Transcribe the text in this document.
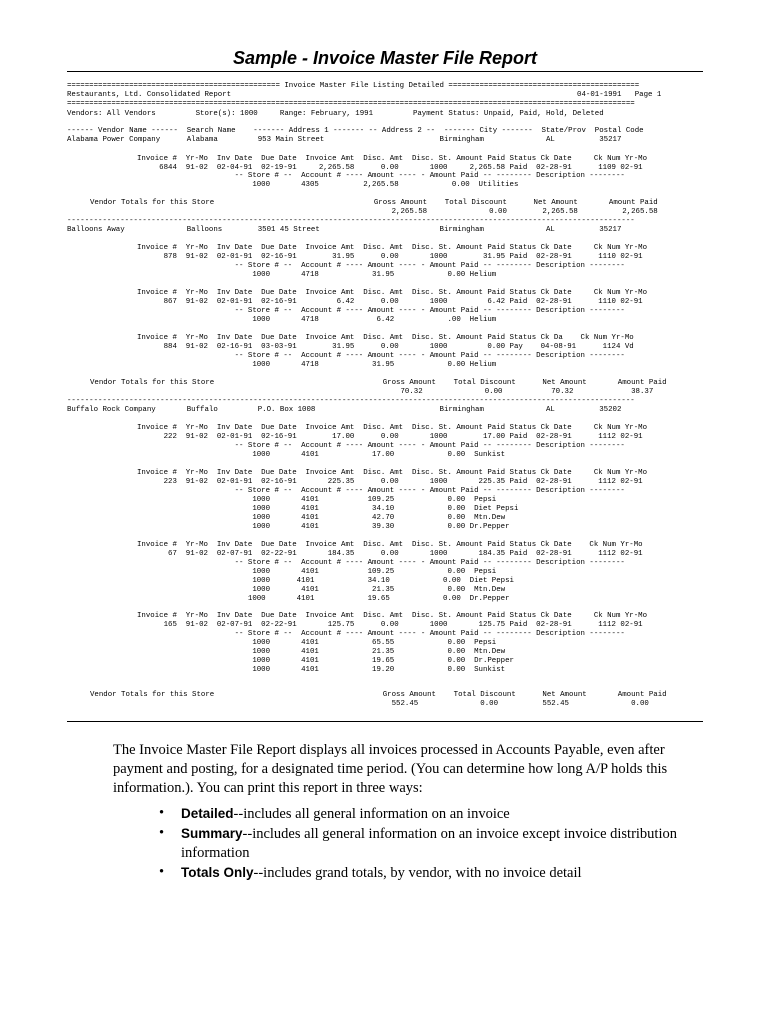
Sample - Invoice Master File Report
================================================ Invoice Master File Listing Detailed ===========================================
Restaurants, Ltd. Consolidated Report                                                                              04-01-1991   Page 1
================================================================================================================================
Vendors: All Vendors         Store(s): 1000     Range: February, 1991         Payment Status: Unpaid, Paid, Hold, Deleted
------ Vendor Name ------  Search Name    ------- Address 1 ------- -- Address 2 --  ------- City -------  State/Prov  Postal Code
Alabama Power Company      Alabama         953 Main Street                          Birmingham              AL          35217
Invoice #  Yr-Mo  Inv Date  Due Date  Invoice Amt  Disc. Amt  Disc. St. Amount Paid Status Ck Date     Ck Num Yr-Mo
6844  91-02  02-04-91  02-19-91     2,265.58      0.00       1000     2,265.58 Paid  02-28-91      1109 02-91
-- Store # --  Account # ---- Amount ---- - Amount Paid -- -------- Description --------
1000       4305          2,265.58            0.00  Utilities
Vendor Totals for this Store                                    Gross Amount    Total Discount      Net Amount       Amount Paid
2,265.58              0.00        2,265.58          2,265.58
--------------------------------------------------------------------------------------------------------------------------------
Balloons Away              Balloons        3501 45 Street                           Birmingham              AL          35217
Invoice #  Yr-Mo  Inv Date  Due Date  Invoice Amt  Disc. Amt  Disc. St. Amount Paid Status Ck Date     Ck Num Yr-Mo
878  91-02  02-01-91  02-16-91        31.95      0.00       1000        31.95 Paid  02-28-91      1110 02-91
-- Store # --  Account # ---- Amount ---- - Amount Paid -- -------- Description --------
1000       4718            31.95            0.00 Helium
Invoice #  Yr-Mo  Inv Date  Due Date  Invoice Amt  Disc. Amt  Disc. St. Amount Paid Status Ck Date     Ck Num Yr-Mo
867  91-02  02-01-91  02-16-91         6.42      0.00       1000         6.42 Paid  02-28-91      1110 02-91
-- Store # --  Account # ---- Amount ---- - Amount Paid -- -------- Description --------
1000       4718             6.42            .00  Helium
Invoice #  Yr-Mo  Inv Date  Due Date  Invoice Amt  Disc. Amt  Disc. St. Amount Paid Status Ck Da    Ck Num Yr-Mo
884  91-02  02-16-91  03-03-91        31.95      0.00       1000         0.00 Pay    04-08-91      1124 Vd
-- Store # --  Account # ---- Amount ---- - Amount Paid -- -------- Description --------
1000       4718            31.95            0.00 Helium
Vendor Totals for this Store                                      Gross Amount    Total Discount      Net Amount       Amount Paid
70.32              0.00           70.32             38.37
--------------------------------------------------------------------------------------------------------------------------------
Buffalo Rock Company       Buffalo         P.O. Box 1008                            Birmingham              AL          35202
Invoice #  Yr-Mo  Inv Date  Due Date  Invoice Amt  Disc. Amt  Disc. St. Amount Paid Status Ck Date     Ck Num Yr-Mo
222  91-02  02-01-91  02-16-91        17.00      0.00       1000        17.00 Paid  02-28-91      1112 02-91
-- Store # --  Account # ---- Amount ---- - Amount Paid -- -------- Description --------
1000       4101            17.00            0.00  Sunkist
Invoice #  Yr-Mo  Inv Date  Due Date  Invoice Amt  Disc. Amt  Disc. St. Amount Paid Status Ck Date     Ck Num Yr-Mo
223  91-02  02-01-91  02-16-91       225.35      0.00       1000       225.35 Paid  02-28-91      1112 02-91
-- Store # --  Account # ---- Amount ---- - Amount Paid -- -------- Description --------
1000       4101           109.25            0.00  Pepsi
1000       4101            34.10            0.00  Diet Pepsi
1000       4101            42.70            0.00  Mtn.Dew
1000       4101            39.30            0.00 Dr.Pepper
Invoice #  Yr-Mo  Inv Date  Due Date  Invoice Amt  Disc. Amt  Disc. St. Amount Paid Status Ck Date    Ck Num Yr-Mo
67  91-02  02-07-91  02-22-91       184.35      0.00       1000       184.35 Paid  02-28-91      1112 02-91
-- Store # --  Account # ---- Amount ---- - Amount Paid -- -------- Description --------
1000       4101           109.25            0.00  Pepsi
1000      4101            34.10            0.00  Diet Pepsi
1000       4101            21.35            0.00  Mtn.Dew
1000       4101            19.65            0.00  Dr.Pepper
Invoice #  Yr-Mo  Inv Date  Due Date  Invoice Amt  Disc. Amt  Disc. St. Amount Paid Status Ck Date     Ck Num Yr-Mo
165  91-02  02-07-91  02-22-91       125.75      0.00       1000       125.75 Paid  02-28-91      1112 02-91
-- Store # --  Account # ---- Amount ---- - Amount Paid -- -------- Description --------
1000       4101            65.55            0.00  Pepsi
1000       4101            21.35            0.00  Mtn.Dew
1000       4101            19.65            0.00  Dr.Pepper
1000       4101            19.20            0.00  Sunkist
Vendor Totals for this Store                                      Gross Amount    Total Discount      Net Amount       Amount Paid
552.45              0.00          552.45              0.00

The Invoice Master File Report displays all invoices processed in Accounts Payable, even after payment and posting, for a designated time period. (You can determine how long A/P holds this information.). You can print this report in three ways:

• Detailed--includes all general information on an invoice
• Summary--includes all general information on an invoice except invoice distribution information
• Totals Only--includes grand totals, by vendor, with no invoice detail
